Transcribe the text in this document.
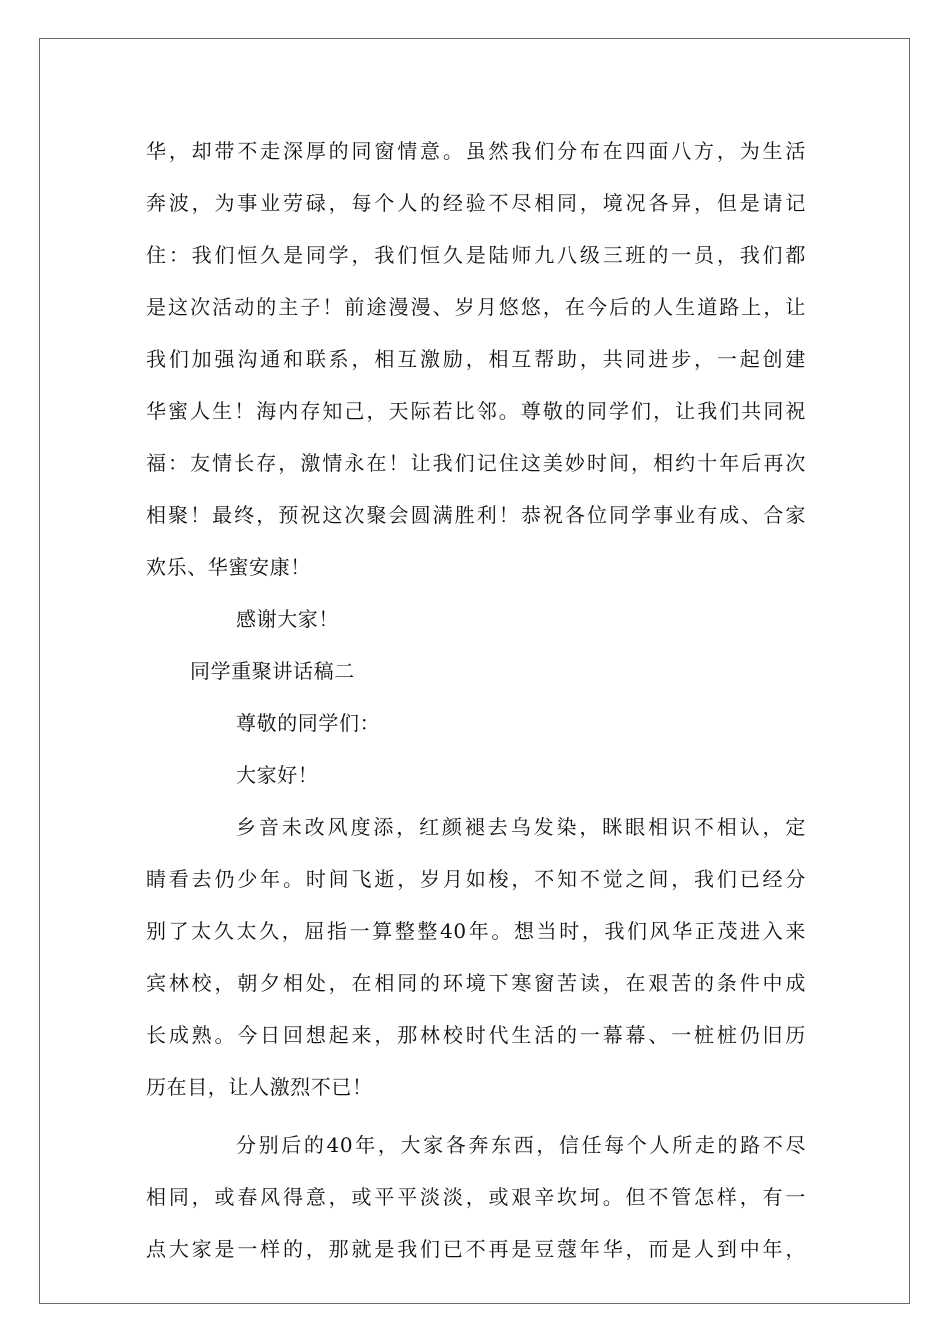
华，却带不走深厚的同窗情意。虽然我们分布在四面八方，为生活
奔波，为事业劳碌，每个人的经验不尽相同，境况各异，但是请记
住：我们恒久是同学，我们恒久是陆师九八级三班的一员，我们都
是这次活动的主子！前途漫漫、岁月悠悠，在今后的人生道路上，让
我们加强沟通和联系，相互激励，相互帮助，共同进步，一起创建
华蜜人生！海内存知己，天际若比邻。尊敬的同学们，让我们共同祝
福：友情长存，激情永在！让我们记住这美妙时间，相约十年后再次
相聚！最终，预祝这次聚会圆满胜利！恭祝各位同学事业有成、合家
欢乐、华蜜安康！
感谢大家！
同学重聚讲话稿二
尊敬的同学们：
大家好！
乡音未改风度添，红颜褪去乌发染，眯眼相识不相认，定
睛看去仍少年。时间飞逝，岁月如梭，不知不觉之间，我们已经分
别了太久太久，屈指一算整整40年。想当时，我们风华正茂进入来
宾林校，朝夕相处，在相同的环境下寒窗苦读，在艰苦的条件中成
长成熟。今日回想起来，那林校时代生活的一幕幕、一桩桩仍旧历
历在目，让人激烈不已！
分别后的40年，大家各奔东西，信任每个人所走的路不尽
相同，或春风得意，或平平淡淡，或艰辛坎坷。但不管怎样，有一
点大家是一样的，那就是我们已不再是豆蔻年华，而是人到中年，
